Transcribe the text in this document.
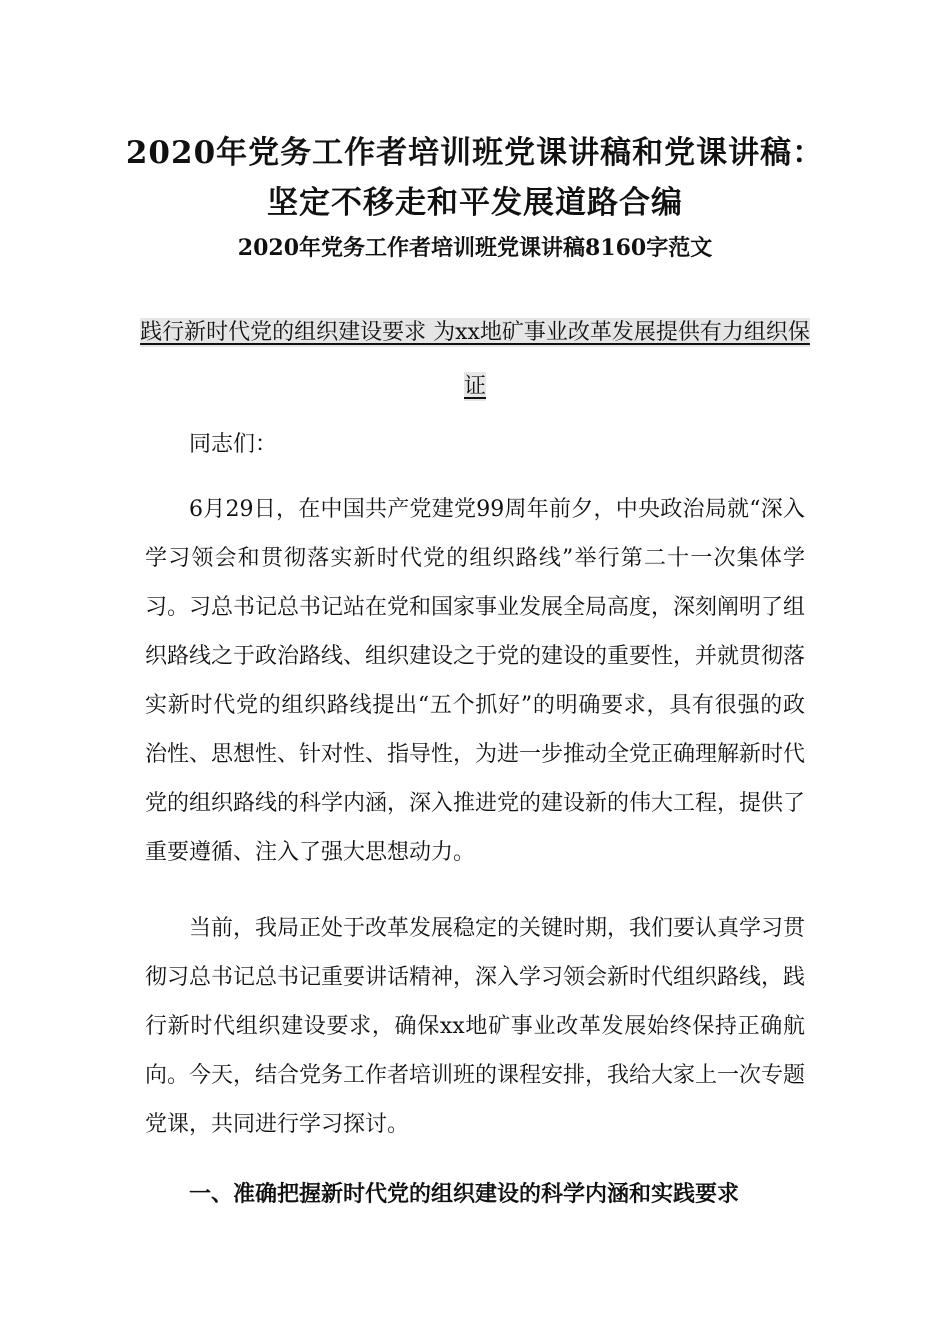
2020年党务工作者培训班党课讲稿和党课讲稿：坚定不移走和平发展道路合编
2020年党务工作者培训班党课讲稿8160字范文

践行新时代党的组织建设要求 为xx地矿事业改革发展提供有力组织保证

同志们：

6月29日，在中国共产党建党99周年前夕，中央政治局就“深入学习领会和贯彻落实新时代党的组织路线”举行第二十一次集体学习。习总书记总书记站在党和国家事业发展全局高度，深刻阐明了组织路线之于政治路线、组织建设之于党的建设的重要性，并就贯彻落实新时代党的组织路线提出“五个抓好”的明确要求，具有很强的政治性、思想性、针对性、指导性，为进一步推动全党正确理解新时代党的组织路线的科学内涵，深入推进党的建设新的伟大工程，提供了重要遵循、注入了强大思想动力。

当前，我局正处于改革发展稳定的关键时期，我们要认真学习贯彻习总书记总书记重要讲话精神，深入学习领会新时代组织路线，践行新时代组织建设要求，确保xx地矿事业改革发展始终保持正确航向。今天，结合党务工作者培训班的课程安排，我给大家上一次专题党课，共同进行学习探讨。

一、准确把握新时代党的组织建设的科学内涵和实践要求
